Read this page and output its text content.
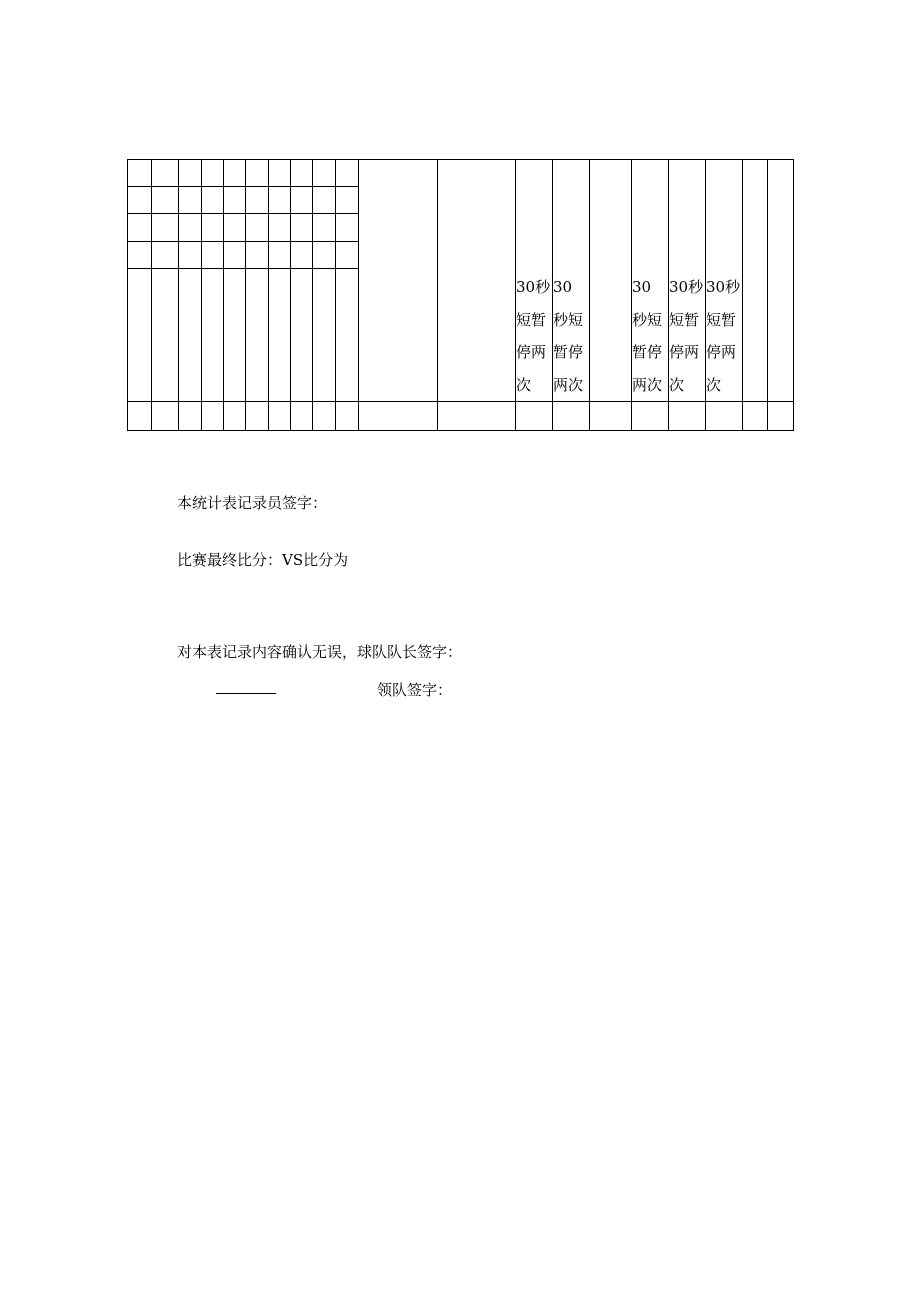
30秒
短暂
停两
次
30
秒短
暂停
两次
30
秒短
暂停
两次
30秒
短暂
停两
次
30秒
短暂
停两
次
本统计表记录员签字：
比赛最终比分：VS比分为
对本表记录内容确认无误，球队队长签字：
领队签字：
